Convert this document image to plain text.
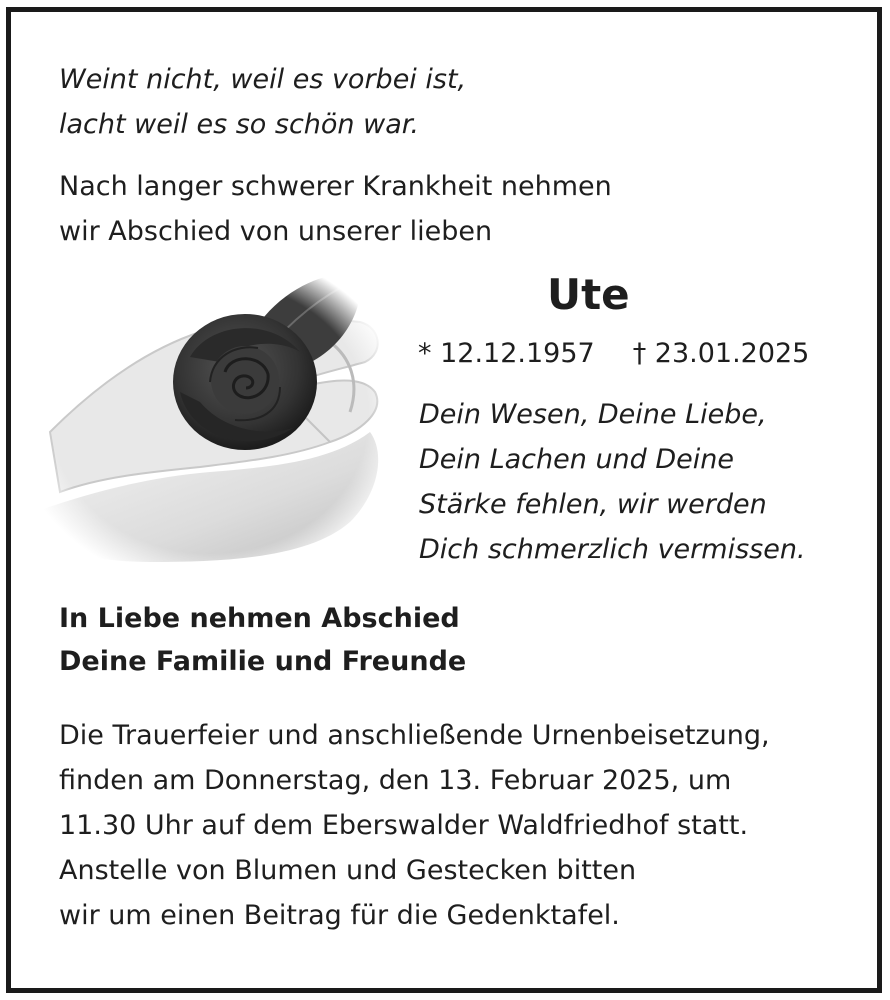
Weint nicht, weil es vorbei ist,
lacht weil es so schön war.
Nach langer schwerer Krankheit nehmen
wir Abschied von unserer lieben
Ute
* 12.12.1957 † 23.01.2025
Dein Wesen, Deine Liebe,
Dein Lachen und Deine
Stärke fehlen, wir werden
Dich schmerzlich vermissen.
In Liebe nehmen Abschied
Deine Familie und Freunde
Die Trauerfeier und anschließende Urnenbeisetzung,
finden am Donnerstag, den 13. Februar 2025, um
11.30 Uhr auf dem Eberswalder Waldfriedhof statt.
Anstelle von Blumen und Gestecken bitten
wir um einen Beitrag für die Gedenktafel.
